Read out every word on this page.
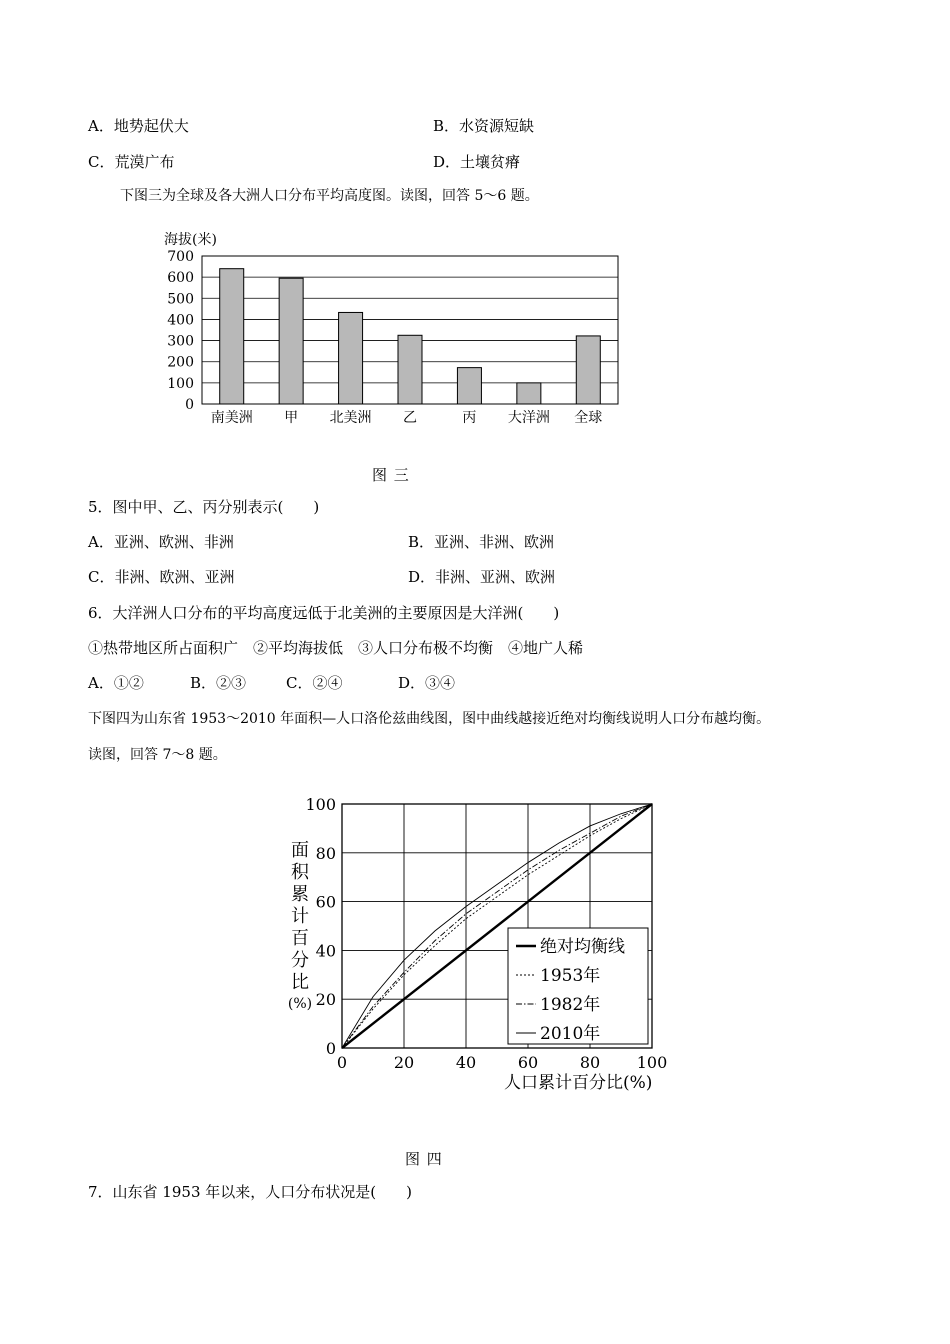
A．地势起伏大	B．水资源短缺
C．荒漠广布	D．土壤贫瘠
下图三为全球及各大洲人口分布平均高度图。读图，回答 5～6 题。
海拔(米)
0
100
200
300
400
500
600
700
南美洲 甲 北美洲 乙	丙 大洋洲 全球
图 三
5．图中甲、乙、丙分别表示(　　)
A．亚洲、欧洲、非洲	B．亚洲、非洲、欧洲
C．非洲、欧洲、亚洲	D．非洲、亚洲、欧洲
6．大洋洲人口分布的平均高度远低于北美洲的主要原因是大洋洲(　　)
①热带地区所占面积广　②平均海拔低　③人口分布极不均衡　④地广人稀
A．①②	B．②③	C．②④	D．③④
下图四为山东省 1953～2010 年面积—人口洛伦兹曲线图，图中曲线越接近绝对均衡线说明人口分布越均衡。
读图，回答 7～8 题。
面
积
累
计
百
分
比
(%)
0	20	40	60	80 100
0
20
40
60
80
100
绝对均衡线
1953年
1982年
2010年
人口累计百分比(%)
图 四
7．山东省 1953 年以来，人口分布状况是(　　)
